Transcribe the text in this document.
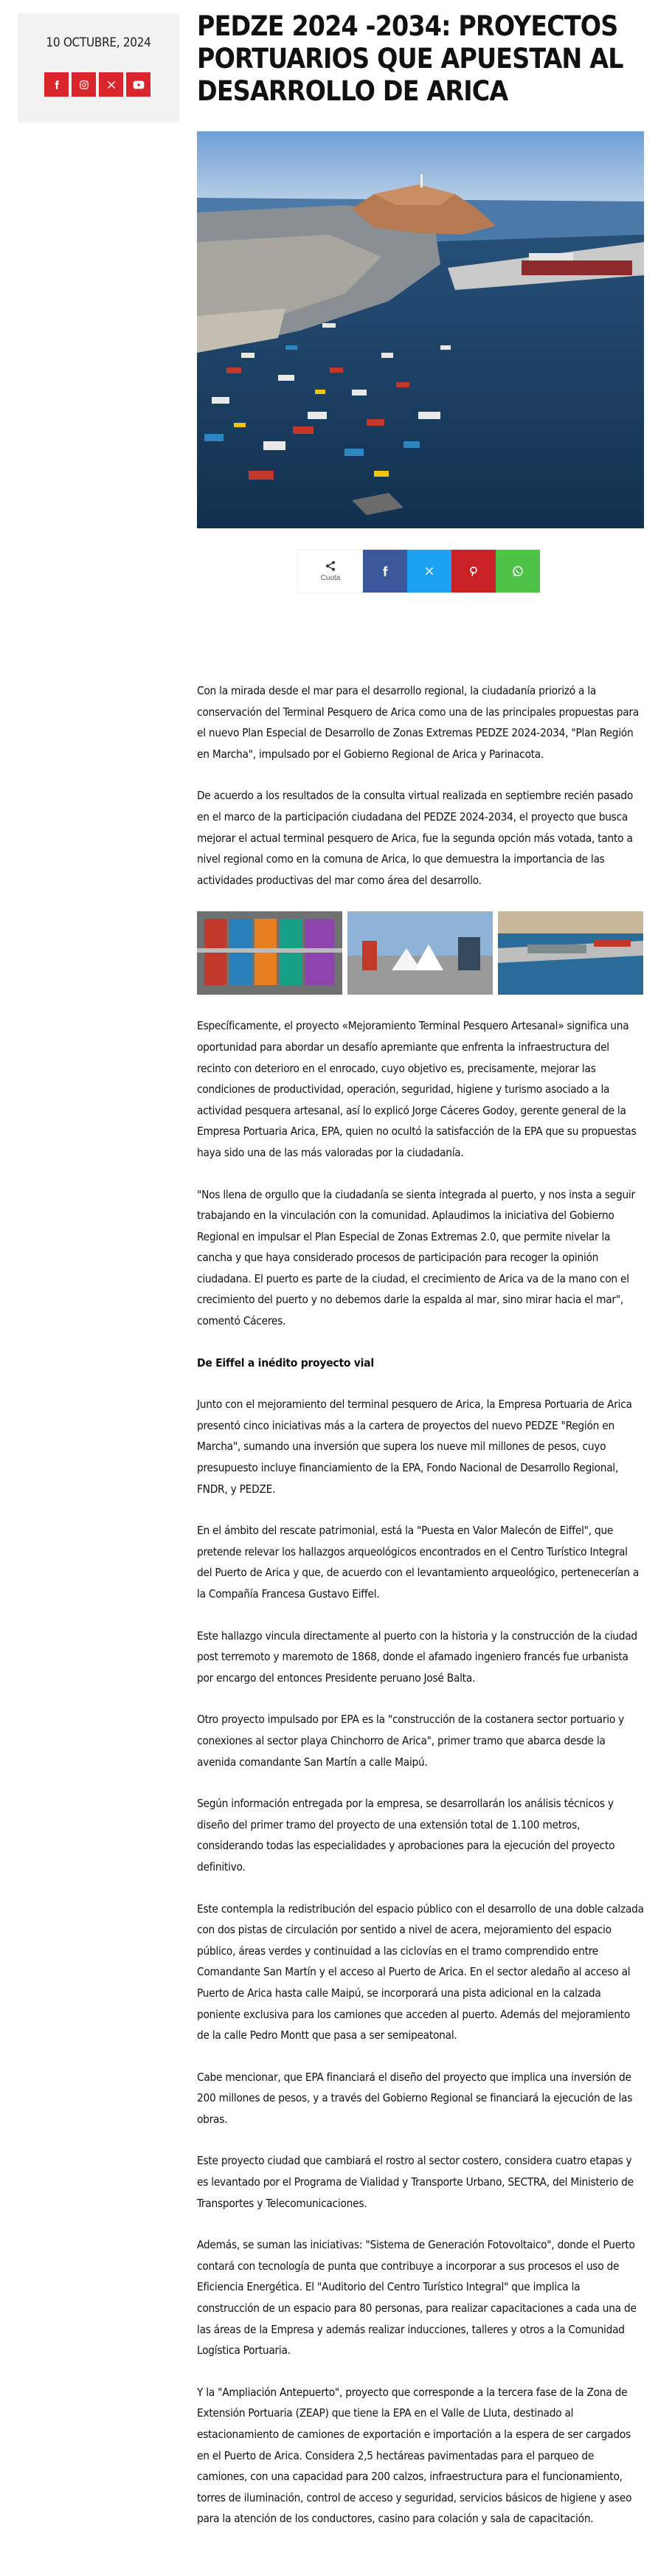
10 OCTUBRE, 2024
PEDZE 2024 -2034: PROYECTOS PORTUARIOS QUE APUESTAN AL DESARROLLO DE ARICA
Cuota

Con la mirada desde el mar para el desarrollo regional, la ciudadanía priorizó a la conservación del Terminal Pesquero de Arica como una de las principales propuestas para el nuevo Plan Especial de Desarrollo de Zonas Extremas PEDZE 2024-2034, "Plan Región en Marcha", impulsado por el Gobierno Regional de Arica y Parinacota.

De acuerdo a los resultados de la consulta virtual realizada en septiembre recién pasado en el marco de la participación ciudadana del PEDZE 2024-2034, el proyecto que busca mejorar el actual terminal pesquero de Arica, fue la segunda opción más votada, tanto a nivel regional como en la comuna de Arica, lo que demuestra la importancia de las actividades productivas del mar como área del desarrollo.

Específicamente, el proyecto «Mejoramiento Terminal Pesquero Artesanal» significa una oportunidad para abordar un desafío apremiante que enfrenta la infraestructura del recinto con deterioro en el enrocado, cuyo objetivo es, precisamente, mejorar las condiciones de productividad, operación, seguridad, higiene y turismo asociado a la actividad pesquera artesanal, así lo explicó Jorge Cáceres Godoy, gerente general de la Empresa Portuaria Arica, EPA, quien no ocultó la satisfacción de la EPA que su propuestas haya sido una de las más valoradas por la ciudadanía.

"Nos llena de orgullo que la ciudadanía se sienta integrada al puerto, y nos insta a seguir trabajando en la vinculación con la comunidad. Aplaudimos la iniciativa del Gobierno Regional en impulsar el Plan Especial de Zonas Extremas 2.0, que permite nivelar la cancha y que haya considerado procesos de participación para recoger la opinión ciudadana. El puerto es parte de la ciudad, el crecimiento de Arica va de la mano con el crecimiento del puerto y no debemos darle la espalda al mar, sino mirar hacia el mar", comentó Cáceres.

De Eiffel a inédito proyecto vial

Junto con el mejoramiento del terminal pesquero de Arica, la Empresa Portuaria de Arica presentó cinco iniciativas más a la cartera de proyectos del nuevo PEDZE "Región en Marcha", sumando una inversión que supera los nueve mil millones de pesos, cuyo presupuesto incluye financiamiento de la EPA, Fondo Nacional de Desarrollo Regional, FNDR, y PEDZE.

En el ámbito del rescate patrimonial, está la "Puesta en Valor Malecón de Eiffel", que pretende relevar los hallazgos arqueológicos encontrados en el Centro Turístico Integral del Puerto de Arica y que, de acuerdo con el levantamiento arqueológico, pertenecerían a la Compañía Francesa Gustavo Eiffel.

Este hallazgo vincula directamente al puerto con la historia y la construcción de la ciudad post terremoto y maremoto de 1868, donde el afamado ingeniero francés fue urbanista por encargo del entonces Presidente peruano José Balta.

Otro proyecto impulsado por EPA es la "construcción de la costanera sector portuario y conexiones al sector playa Chinchorro de Arica", primer tramo que abarca desde la avenida comandante San Martín a calle Maipú.

Según información entregada por la empresa, se desarrollarán los análisis técnicos y diseño del primer tramo del proyecto de una extensión total de 1.100 metros, considerando todas las especialidades y aprobaciones para la ejecución del proyecto definitivo.

Este contempla la redistribución del espacio público con el desarrollo de una doble calzada con dos pistas de circulación por sentido a nivel de acera, mejoramiento del espacio público, áreas verdes y continuidad a las ciclovías en el tramo comprendido entre Comandante San Martín y el acceso al Puerto de Arica. En el sector aledaño al acceso al Puerto de Arica hasta calle Maipú, se incorporará una pista adicional en la calzada poniente exclusiva para los camiones que acceden al puerto. Además del mejoramiento de la calle Pedro Montt que pasa a ser semipeatonal.

Cabe mencionar, que EPA financiará el diseño del proyecto que implica una inversión de 200 millones de pesos, y a través del Gobierno Regional se financiará la ejecución de las obras.

Este proyecto ciudad que cambiará el rostro al sector costero, considera cuatro etapas y es levantado por el Programa de Vialidad y Transporte Urbano, SECTRA, del Ministerio de Transportes y Telecomunicaciones.

Además, se suman las iniciativas: "Sistema de Generación Fotovoltaico", donde el Puerto contará con tecnología de punta que contribuye a incorporar a sus procesos el uso de Eficiencia Energética. El "Auditorio del Centro Turístico Integral" que implica la construcción de un espacio para 80 personas, para realizar capacitaciones a cada una de las áreas de la Empresa y además realizar inducciones, talleres y otros a la Comunidad Logística Portuaria.

Y la "Ampliación Antepuerto", proyecto que corresponde a la tercera fase de la Zona de Extensión Portuaria (ZEAP) que tiene la EPA en el Valle de Lluta, destinado al estacionamiento de camiones de exportación e importación a la espera de ser cargados en el Puerto de Arica. Considera 2,5 hectáreas pavimentadas para el parqueo de camiones, con una capacidad para 200 calzos, infraestructura para el funcionamiento, torres de iluminación, control de acceso y seguridad, servicios básicos de higiene y aseo para la atención de los conductores, casino para colación y sala de capacitación.
